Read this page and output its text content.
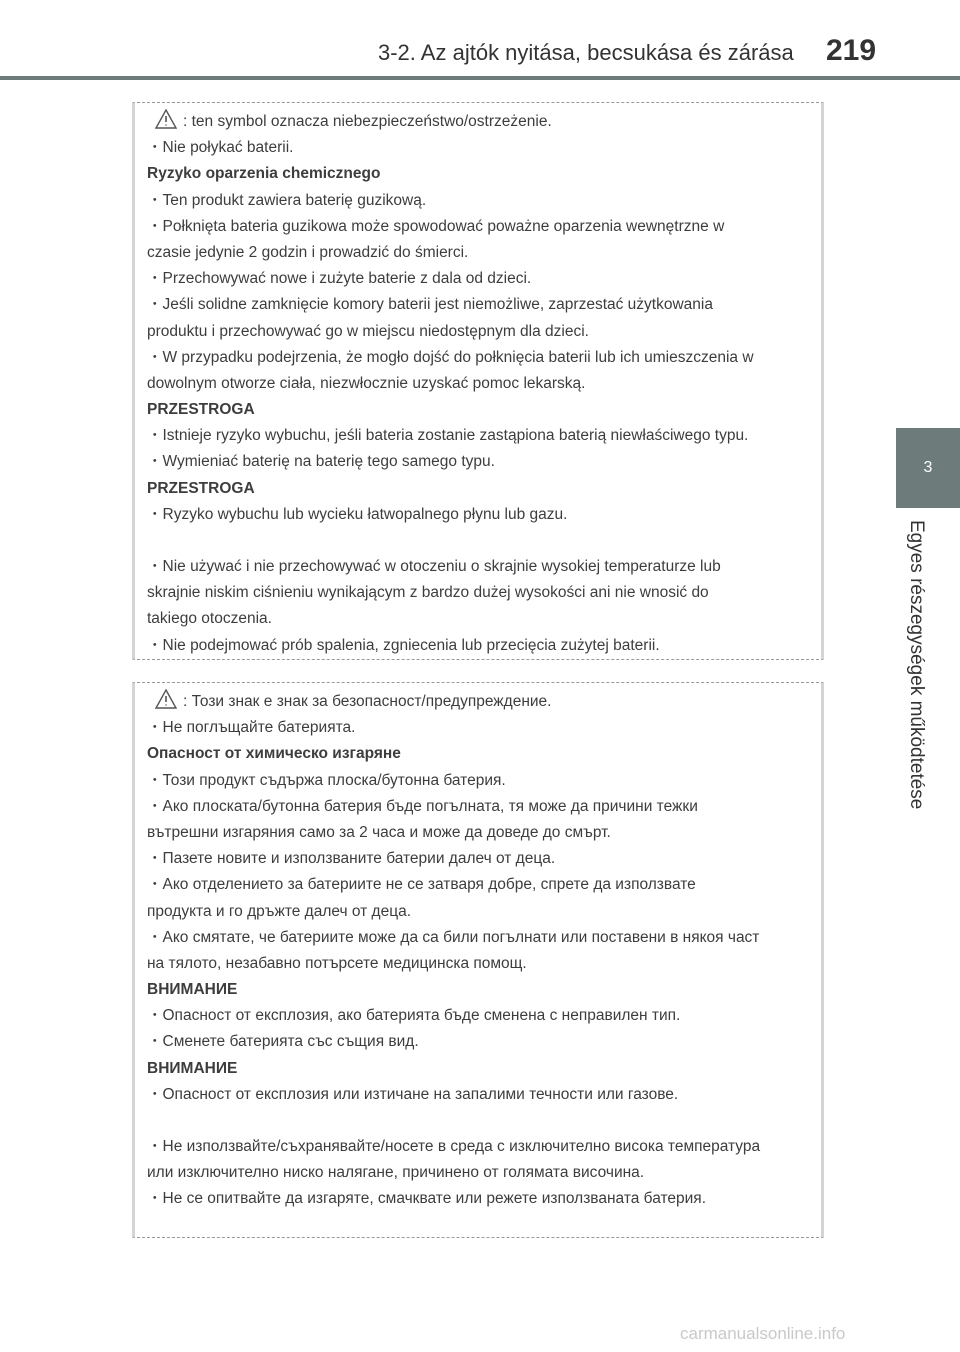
3-2. Az ajtók nyitása, becsukása és zárása 219
3
Egyes részegységek működtetése
: ten symbol oznacza niebezpieczeństwo/ostrzeżenie.
・Nie połykać baterii.
Ryzyko oparzenia chemicznego
・Ten produkt zawiera baterię guzikową.
・Połknięta bateria guzikowa może spowodować poważne oparzenia wewnętrzne w
czasie jedynie 2 godzin i prowadzić do śmierci.
・Przechowywać nowe i zużyte baterie z dala od dzieci.
・Jeśli solidne zamknięcie komory baterii jest niemożliwe, zaprzestać użytkowania
produktu i przechowywać go w miejscu niedostępnym dla dzieci.
・W przypadku podejrzenia, że mogło dojść do połknięcia baterii lub ich umieszczenia w
dowolnym otworze ciała, niezwłocznie uzyskać pomoc lekarską.
PRZESTROGA
・Istnieje ryzyko wybuchu, jeśli bateria zostanie zastąpiona baterią niewłaściwego typu.
・Wymieniać baterię na baterię tego samego typu.
PRZESTROGA
・Ryzyko wybuchu lub wycieku łatwopalnego płynu lub gazu.
・Nie używać i nie przechowywać w otoczeniu o skrajnie wysokiej temperaturze lub
skrajnie niskim ciśnieniu wynikającym z bardzo dużej wysokości ani nie wnosić do
takiego otoczenia.
・Nie podejmować prób spalenia, zgniecenia lub przecięcia zużytej baterii.
: Този знак е знак за безопасност/предупреждение.
・Не поглъщайте батерията.
Опасност от химическо изгаряне
・Този продукт съдържа плоска/бутонна батерия.
・Ако плоската/бутонна батерия бъде погълната, тя може да причини тежки
вътрешни изгаряния само за 2 часа и може да доведе до смърт.
・Пазете новите и използваните батерии далеч от деца.
・Ако отделението за батериите не се затваря добре, спрете да използвате
продукта и го дръжте далеч от деца.
・Ако смятате, че батериите може да са били погълнати или поставени в някоя част
на тялото, незабавно потърсете медицинска помощ.
ВНИМАНИЕ
・Опасност от експлозия, ако батерията бъде сменена с неправилен тип.
・Сменете батерията със същия вид.
ВНИМАНИЕ
・Опасност от експлозия или изтичане на запалими течности или газове.
・Не използвайте/съхранявайте/носете в среда с изключително висока температура
или изключително ниско налягане, причинено от голямата височина.
・Не се опитвайте да изгаряте, смачквате или режете използваната батерия.
carmanualsonline.info
